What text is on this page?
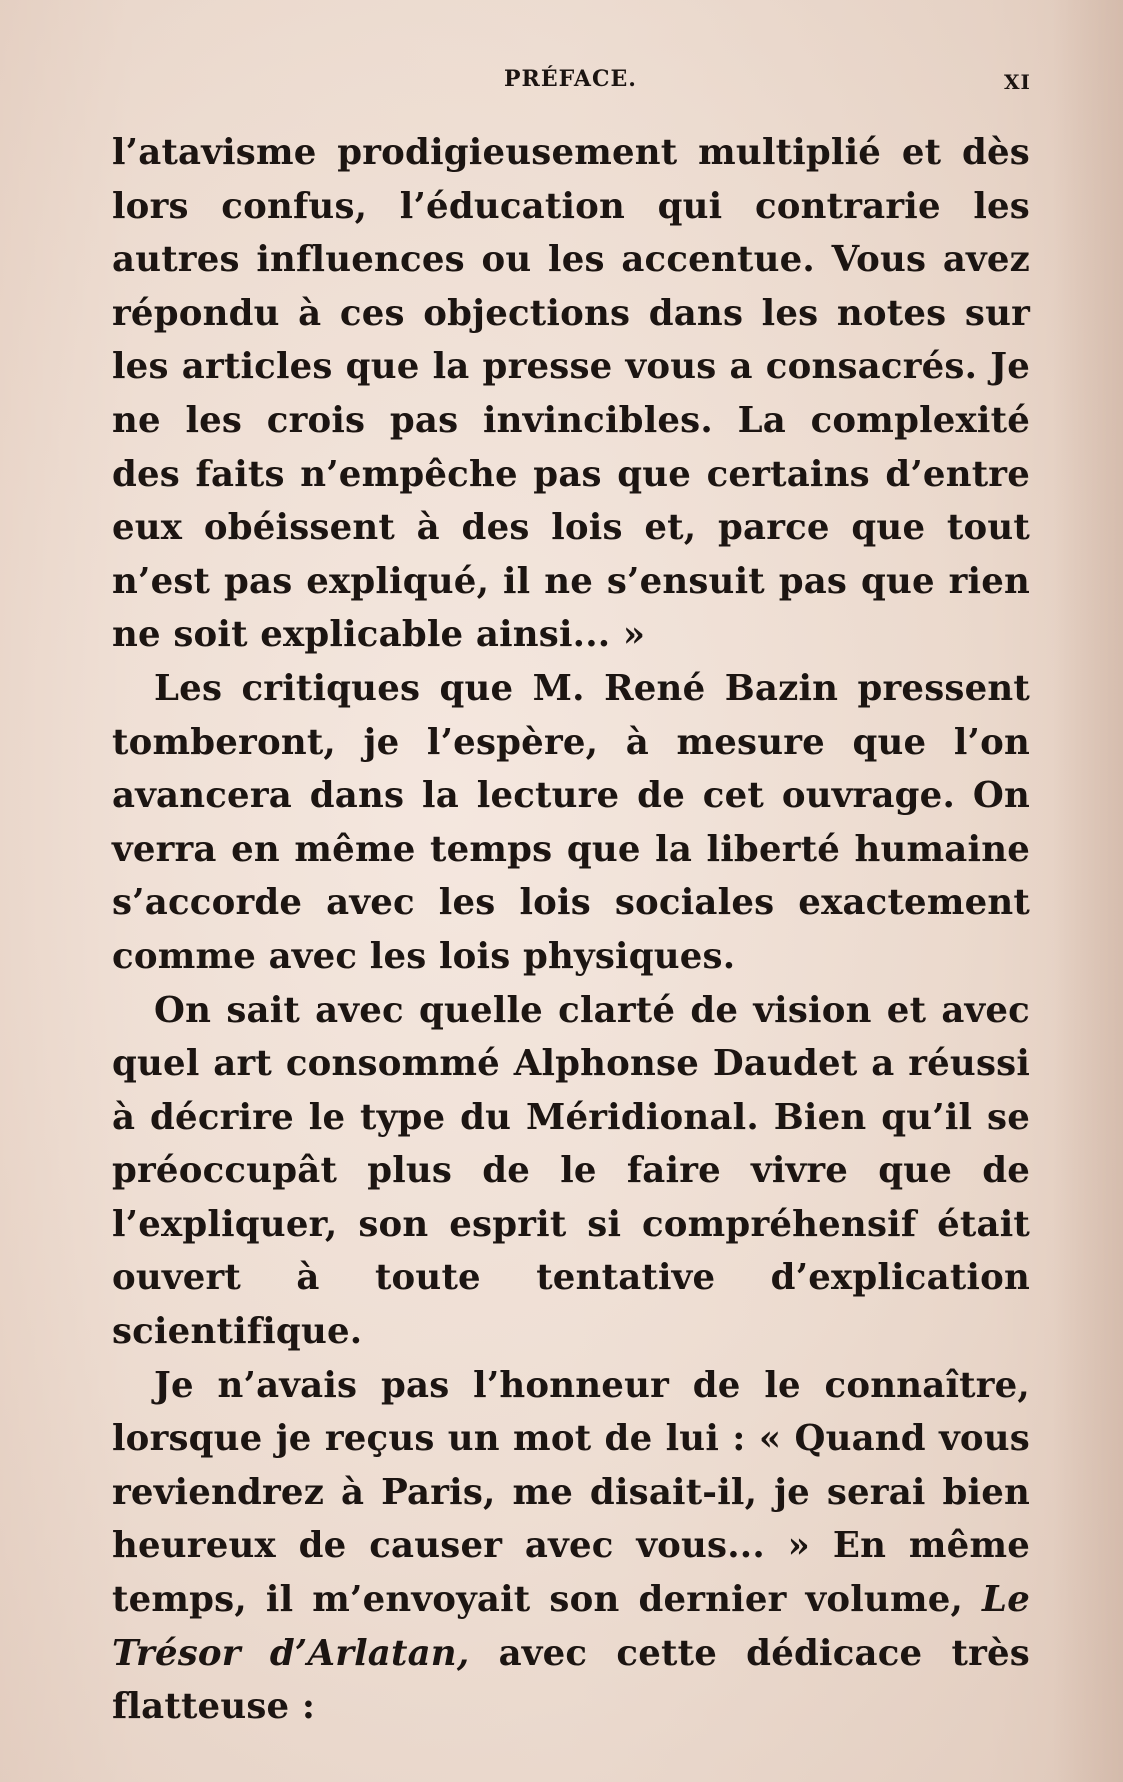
PRÉFACE.	XI

l’atavisme prodigieusement multiplié et dès lors confus, l’éducation qui contrarie les autres influences ou les accentue. Vous avez répondu à ces objections dans les notes sur les articles que la presse vous a consacrés. Je ne les crois pas invincibles. La complexité des faits n’empêche pas que certains d’entre eux obéissent à des lois et, parce que tout n’est pas expliqué, il ne s’ensuit pas que rien ne soit explicable ainsi... »

Les critiques que M. René Bazin pressent tomberont, je l’espère, à mesure que l’on avancera dans la lecture de cet ouvrage. On verra en même temps que la liberté humaine s’accorde avec les lois sociales exactement comme avec les lois physiques.

On sait avec quelle clarté de vision et avec quel art consommé Alphonse Daudet a réussi à décrire le type du Méridional. Bien qu’il se préoccupât plus de le faire vivre que de l’expliquer, son esprit si compréhensif était ouvert à toute tentative d’explication scientifique.

Je n’avais pas l’honneur de le connaître, lorsque je reçus un mot de lui : « Quand vous reviendrez à Paris, me disait-il, je serai bien heureux de causer avec vous... » En même temps, il m’envoyait son dernier volume, Le Trésor d’Arlatan, avec cette dédicace très flatteuse :
